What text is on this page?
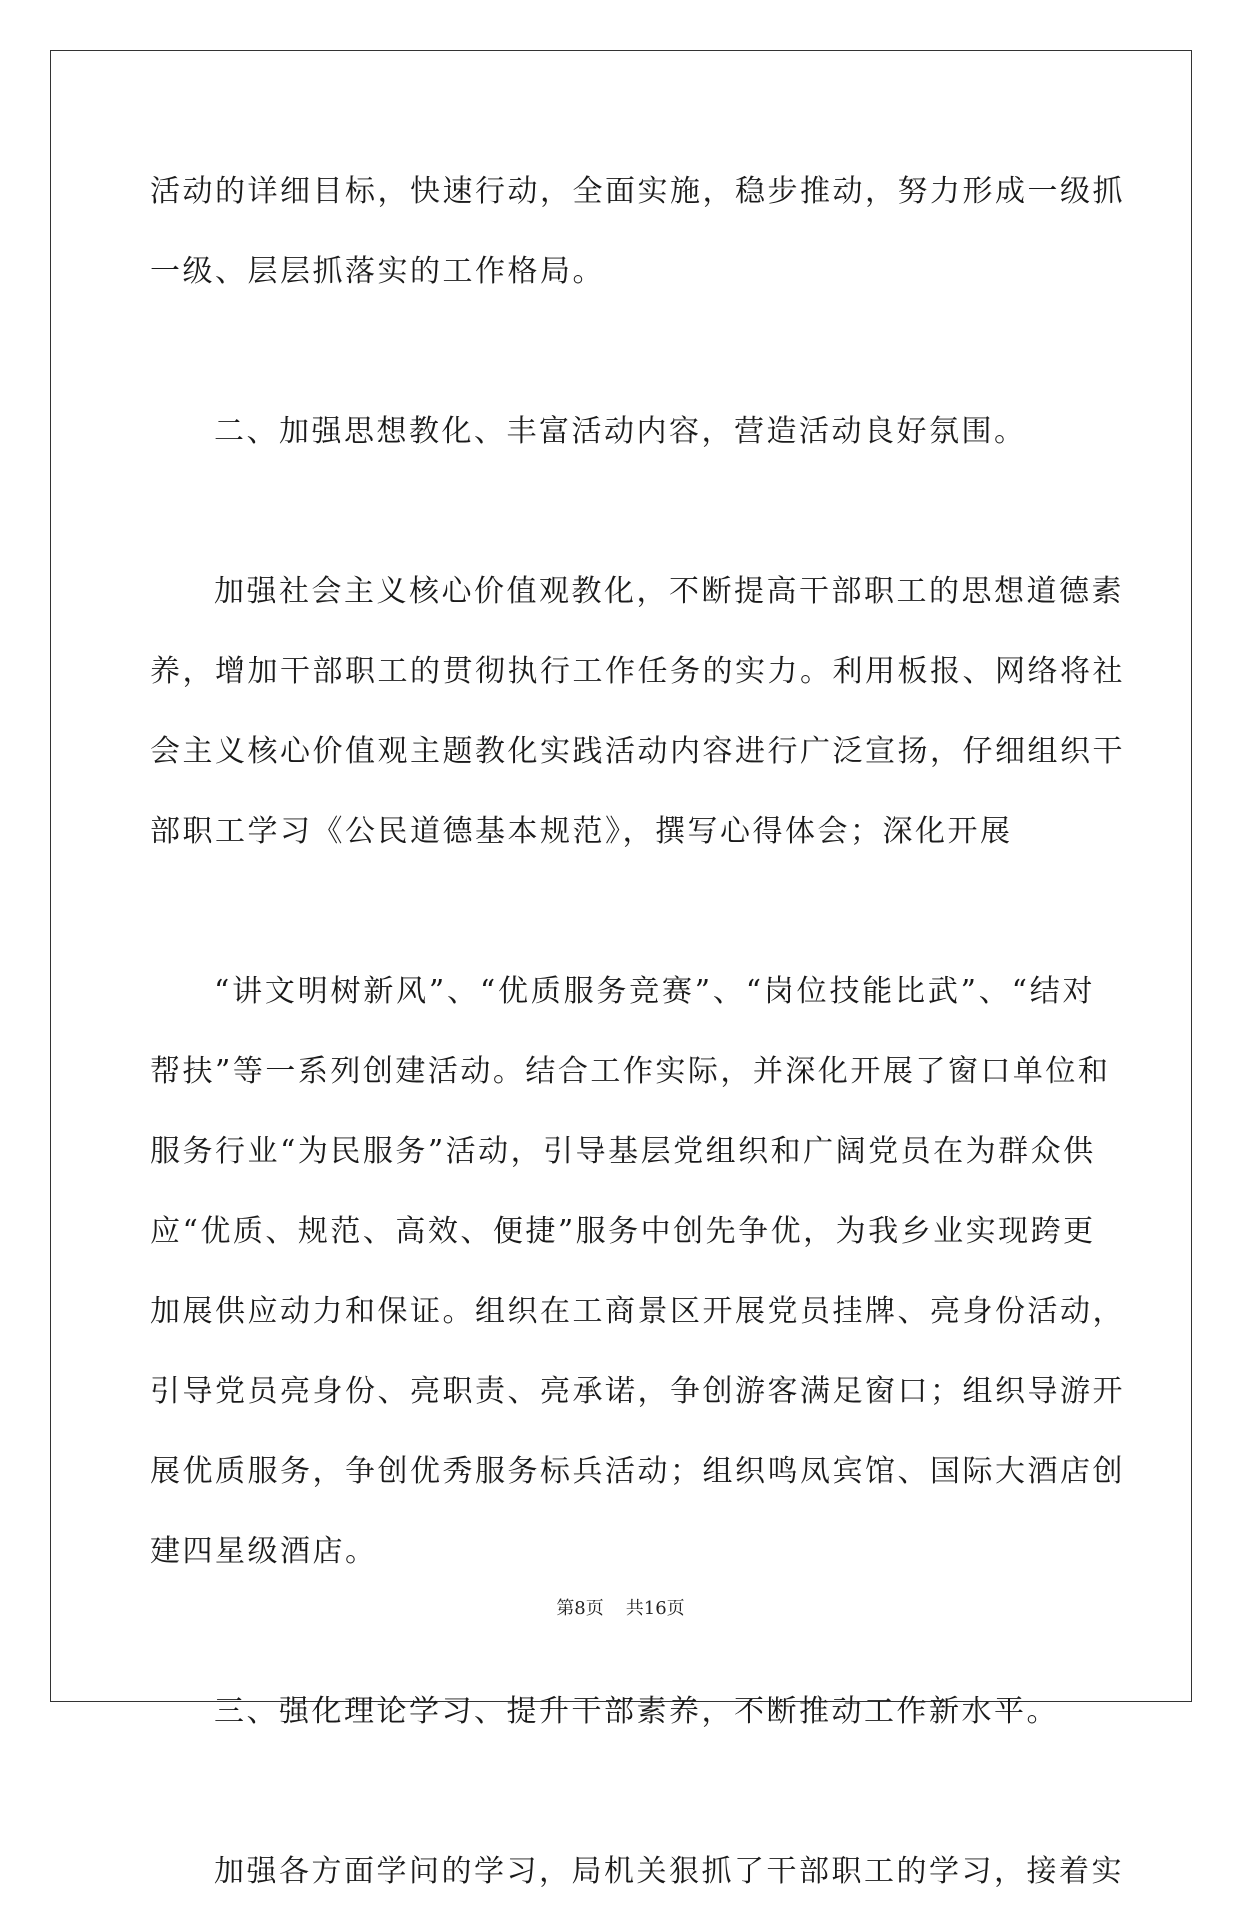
活动的详细目标，快速行动，全面实施，稳步推动，努力形成一级抓
一级、层层抓落实的工作格局。
二、加强思想教化、丰富活动内容，营造活动良好氛围。
加强社会主义核心价值观教化，不断提高干部职工的思想道德素
养，增加干部职工的贯彻执行工作任务的实力。利用板报、网络将社
会主义核心价值观主题教化实践活动内容进行广泛宣扬，仔细组织干
部职工学习《公民道德基本规范》，撰写心得体会；深化开展
“讲文明树新风”、“优质服务竞赛”、“岗位技能比武”、“结对
帮扶”等一系列创建活动。结合工作实际，并深化开展了窗口单位和
服务行业“为民服务”活动，引导基层党组织和广阔党员在为群众供
应“优质、规范、高效、便捷”服务中创先争优，为我乡业实现跨更
加展供应动力和保证。组织在工商景区开展党员挂牌、亮身份活动，
引导党员亮身份、亮职责、亮承诺，争创游客满足窗口；组织导游开
展优质服务，争创优秀服务标兵活动；组织鸣凤宾馆、国际大酒店创
建四星级酒店。
三、强化理论学习、提升干部素养，不断推动工作新水平。
加强各方面学问的学习，局机关狠抓了干部职工的学习，接着实
第8页 共16页
